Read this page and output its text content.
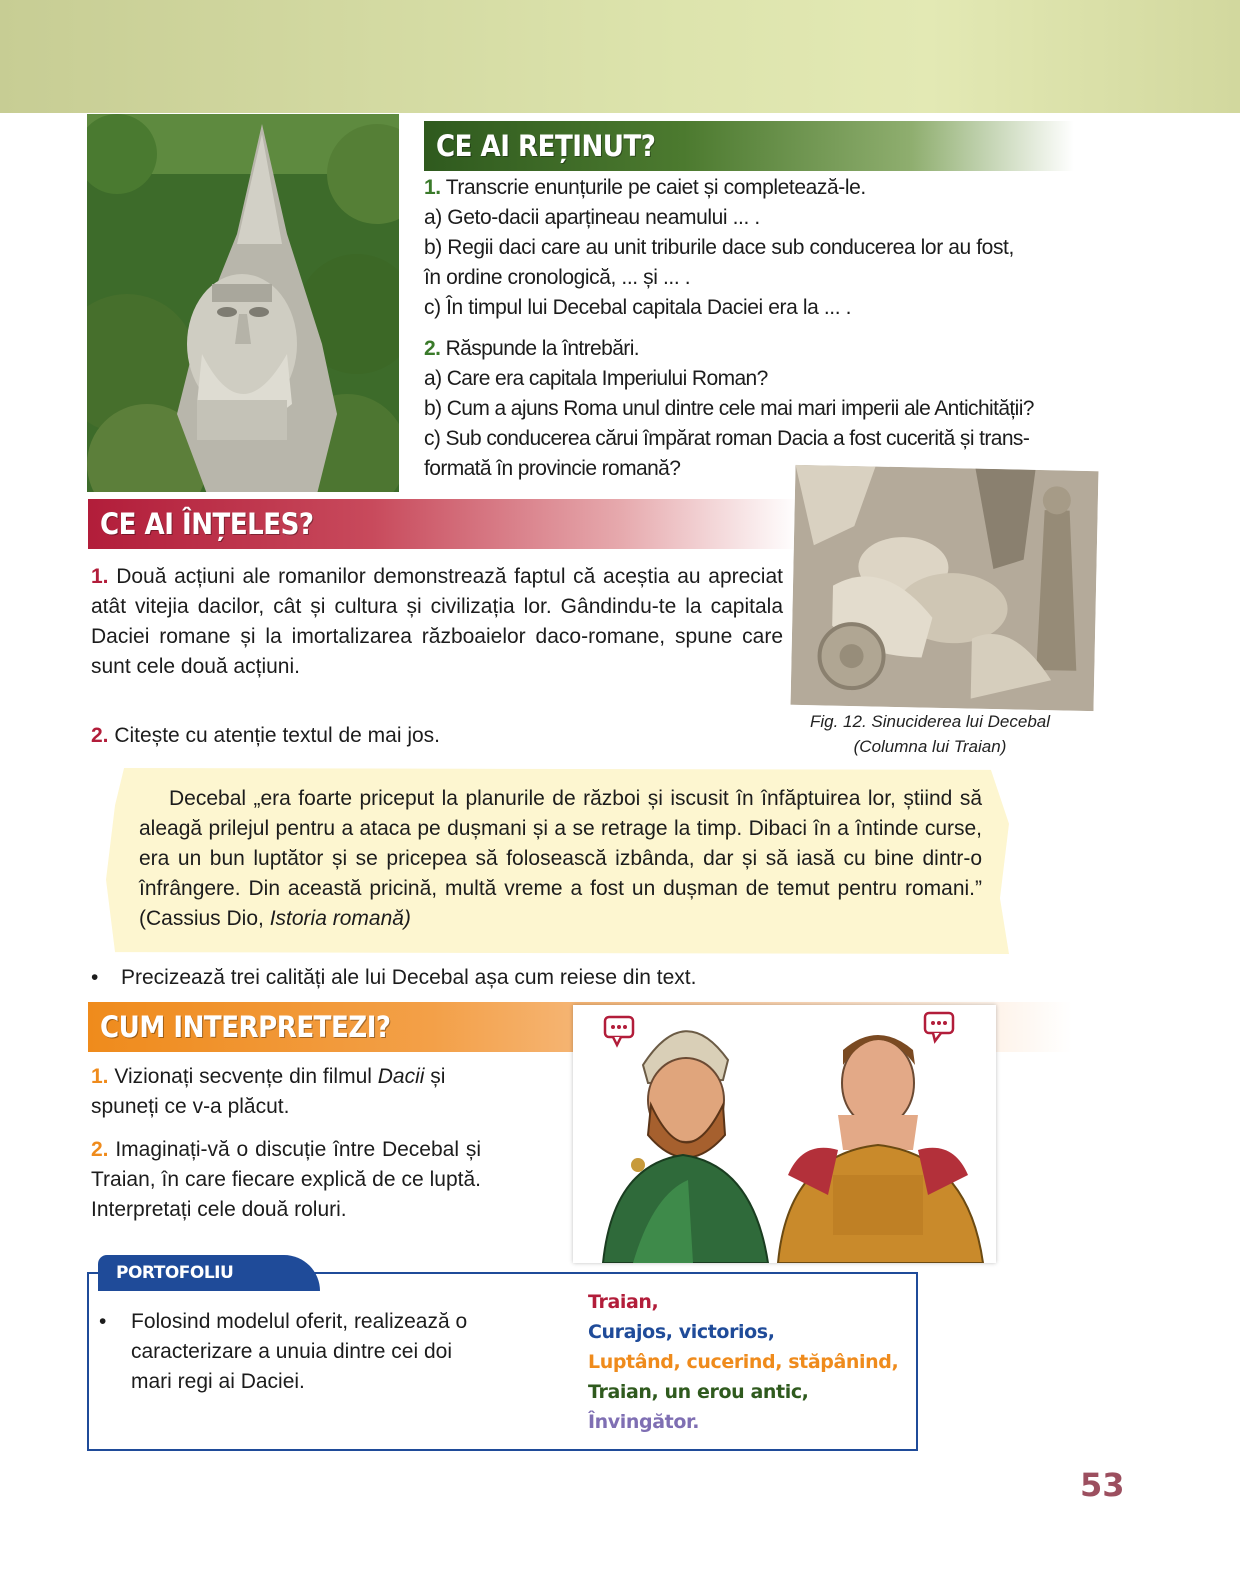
CE AI REȚINUT?

1. Transcrie enunțurile pe caiet și completează-le.

a) Geto-dacii aparțineau neamului ... .

b) Regii daci care au unit triburile dace sub conducerea lor au fost,

în ordine cronologică, ... și ... .

c) În timpul lui Decebal capitala Daciei era la ... .

2. Răspunde la întrebări.

a) Care era capitala Imperiului Roman?

b) Cum a ajuns Roma unul dintre cele mai mari imperii ale Antichității?

c) Sub conducerea cărui împărat roman Dacia a fost cucerită și trans-

formată în provincie romană?

CE AI ÎNȚELES?
1. Două acțiuni ale romanilor demonstrează faptul că aceștia au apreciat atât vitejia dacilor, cât și cultura și civilizația lor. Gândindu-te la capitala Daciei romane și la imortalizarea războaielor daco-romane, spune care sunt cele două acțiuni.
2. Citește cu atenție textul de mai jos.
Fig. 12. Sinuciderea lui Decebal
(Columna lui Traian)
Decebal „era foarte priceput la planurile de război și iscusit în înfăptuirea lor, știind să aleagă prilejul pentru a ataca pe dușmani și a se retrage la timp. Dibaci în a întinde curse, era un bun luptător și se pricepea să folosească izbânda, dar și să iasă cu bine dintr-o înfrângere. Din această pricină, multă vreme a fost un dușman de temut pentru romani.” (Cassius Dio, Istoria romană)
• Precizează trei calități ale lui Decebal așa cum reiese din text.
CUM INTERPRETEZI?
1. Vizionați secvențe din filmul Dacii și spuneți ce v-a plăcut.
2. Imaginați-vă o discuție între Decebal și Traian, în care fiecare explică de ce luptă. Interpretați cele două roluri.
PORTOFOLIU
• Folosind modelul oferit, realizează o caracterizare a unuia dintre cei doi mari regi ai Daciei.
Traian,
Curajos, victorios,
Luptând, cucerind, stăpânind,
Traian, un erou antic,
Învingător.
53
